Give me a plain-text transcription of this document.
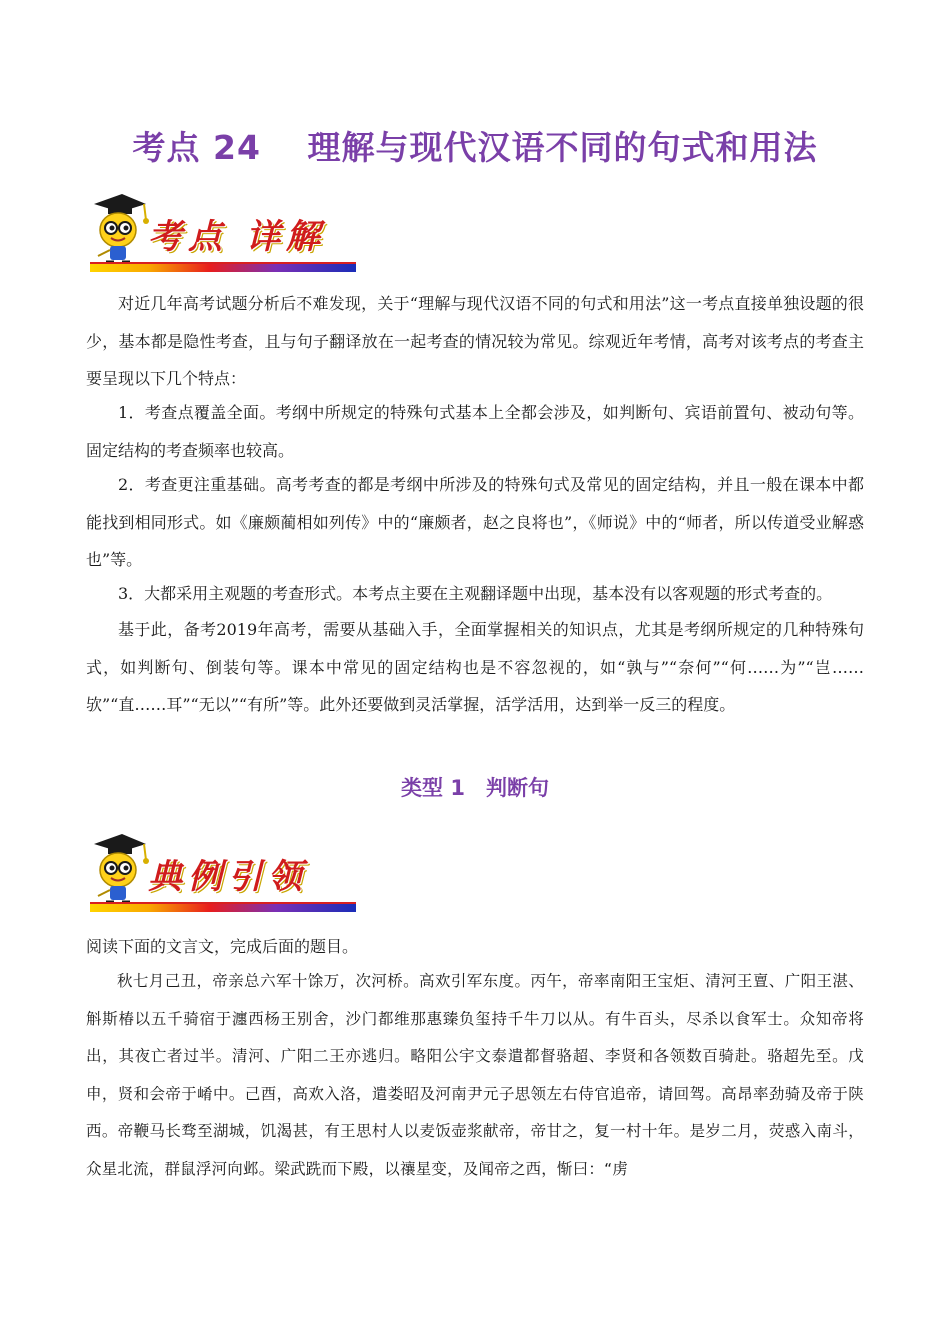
考点 24　 理解与现代汉语不同的句式和用法
考点 详解

对近几年高考试题分析后不难发现，关于“理解与现代汉语不同的句式和用法”这一考点直接单独设题的很少，基本都是隐性考查，且与句子翻译放在一起考查的情况较为常见。综观近年考情，高考对该考点的考查主要呈现以下几个特点：

1．考查点覆盖全面。考纲中所规定的特殊句式基本上全都会涉及，如判断句、宾语前置句、被动句等。固定结构的考查频率也较高。

2．考查更注重基础。高考考查的都是考纲中所涉及的特殊句式及常见的固定结构，并且一般在课本中都能找到相同形式。如《廉颇蔺相如列传》中的“廉颇者，赵之良将也”，《师说》中的“师者，所以传道受业解惑也”等。

3．大都采用主观题的考查形式。本考点主要在主观翻译题中出现，基本没有以客观题的形式考查的。

基于此，备考2019年高考，需要从基础入手，全面掌握相关的知识点，尤其是考纲所规定的几种特殊句式，如判断句、倒装句等。课本中常见的固定结构也是不容忽视的，如“孰与”“奈何”“何……为”“岂……欤”“直……耳”“无以”“有所”等。此外还要做到灵活掌握，活学活用，达到举一反三的程度。

类型 1　判断句
典例引领

阅读下面的文言文，完成后面的题目。

秋七月己丑，帝亲总六军十馀万，次河桥。高欢引军东度。丙午，帝率南阳王宝炬、清河王亶、广阳王湛、斛斯椿以五千骑宿于瀍西杨王别舍，沙门都维那惠臻负玺持千牛刀以从。有牛百头，尽杀以食军士。众知帝将出，其夜亡者过半。清河、广阳二王亦逃归。略阳公宇文泰遣都督骆超、李贤和各领数百骑赴。骆超先至。戊申，贤和会帝于崤中。己酉，高欢入洛，遣娄昭及河南尹元子思领左右侍官追帝，请回驾。高昂率劲骑及帝于陕西。帝鞭马长骛至湖城，饥渴甚，有王思村人以麦饭壶浆献帝，帝甘之，复一村十年。是岁二月，荧惑入南斗，众星北流，群鼠浮河向邺。梁武跣而下殿，以禳星变，及闻帝之西，惭曰：“虏
